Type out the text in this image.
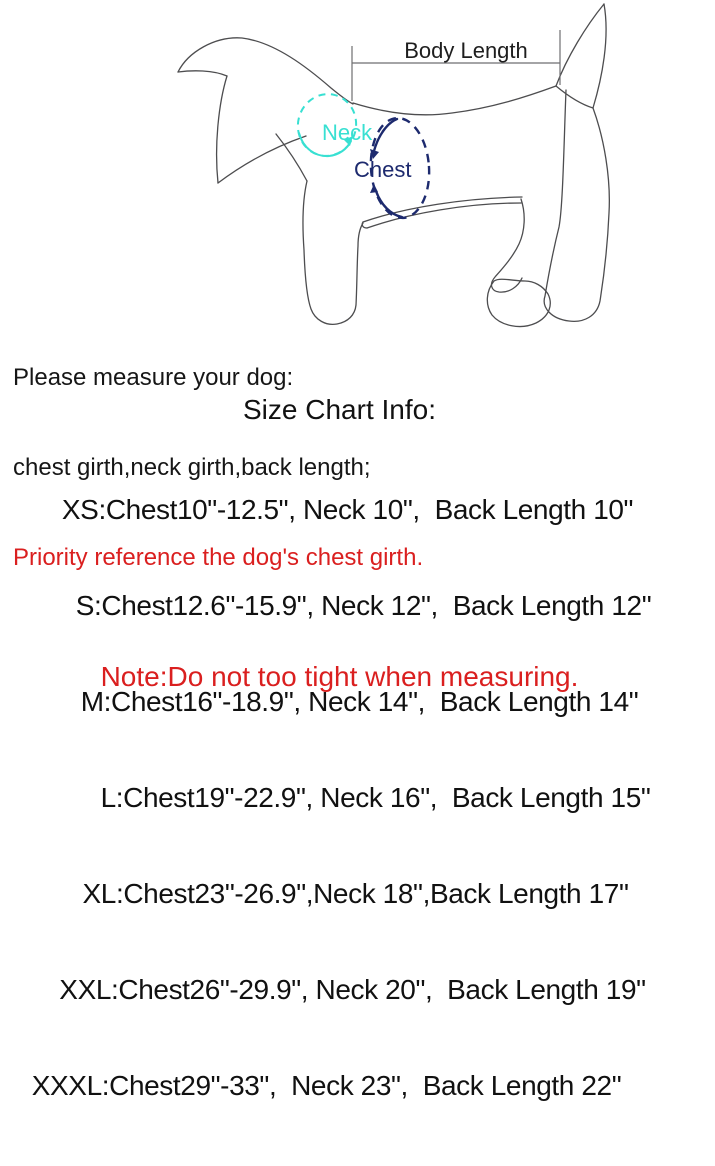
Body Length
Neck
Chest

Please measure your dog:

chest girth,neck girth,back length;

Priority reference the dog's chest girth.

Size Chart Info:

XS:Chest10"-12.5", Neck 10",  Back Length 10"

S:Chest12.6"-15.9", Neck 12",  Back Length 12"

M:Chest16"-18.9", Neck 14",  Back Length 14"

L:Chest19"-22.9", Neck 16",  Back Length 15"

XL:Chest23"-26.9",Neck 18",Back Length 17"

XXL:Chest26"-29.9", Neck 20",  Back Length 19"

XXXL:Chest29"-33",  Neck 23",  Back Length 22"

Note:Do not too tight when measuring.
